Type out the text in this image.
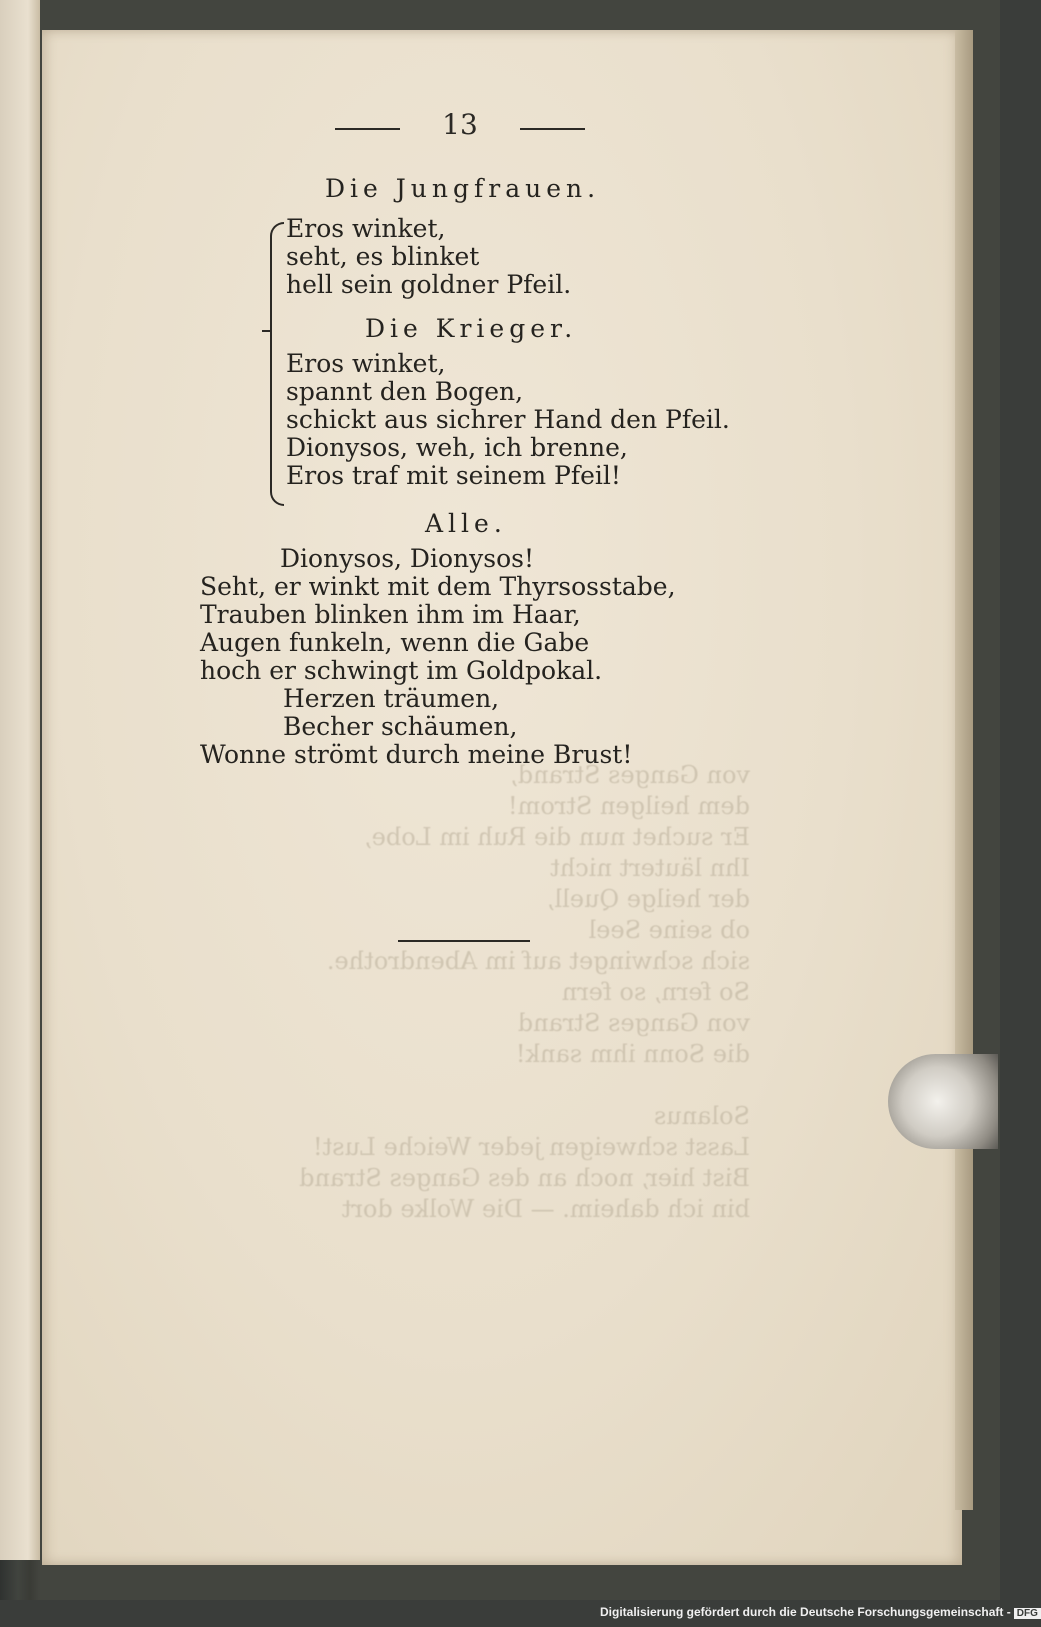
von Ganges Strand,
dem heilgen Strom!
Er suchet nun die Ruh im Lobe,
Ihn läutert nicht
der heilge Quell,
ob seine Seel
sich schwinget auf im Abendrothe.
So fern, so fern
von Ganges Strand
die Sonn ihm sank!

Solanus
Lasst schweigen jeder Weiche Lust!
Bist hier, noch an des Ganges Strand
bin ich daheim. — Die Wolke dort
13
Die Jungfrauen.
Eros winket,
seht, es blinket
hell sein goldner Pfeil.
Die Krieger.
Eros winket,
spannt den Bogen,
schickt aus sichrer Hand den Pfeil.
Dionysos, weh, ich brenne,
Eros traf mit seinem Pfeil!
Alle.
Dionysos, Dionysos!
Seht, er winkt mit dem Thyrsosstabe,
Trauben blinken ihm im Haar,
Augen funkeln, wenn die Gabe
hoch er schwingt im Goldpokal.
Herzen träumen,
Becher schäumen,
Wonne strömt durch meine Brust!
Digitalisierung gefördert durch die Deutsche Forschungsgemeinschaft - DFG
